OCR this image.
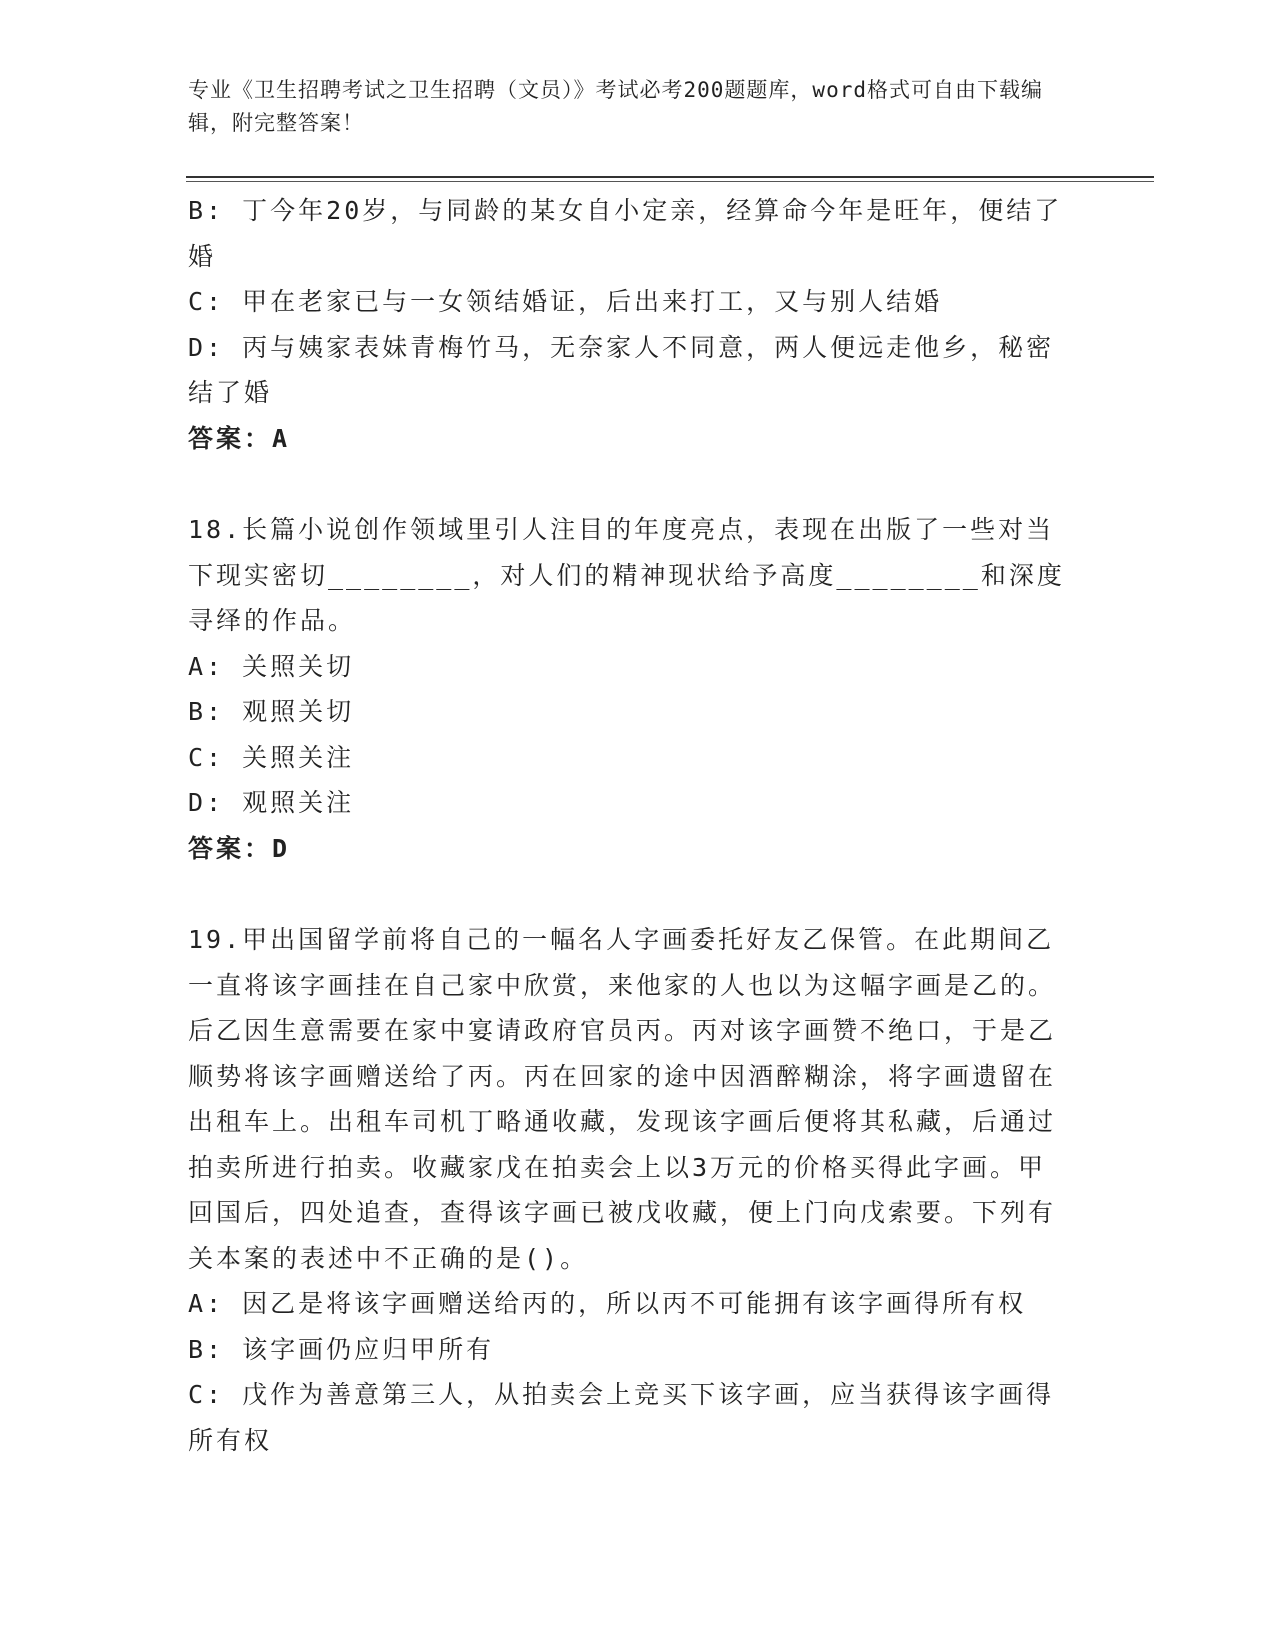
专业《卫生招聘考试之卫生招聘（文员）》考试必考200题题库，word格式可自由下载编辑，附完整答案！

B: 丁今年20岁，与同龄的某女自小定亲，经算命今年是旺年，便结了婚

C: 甲在老家已与一女领结婚证，后出来打工，又与别人结婚

D: 丙与姨家表妹青梅竹马，无奈家人不同意，两人便远走他乡，秘密结了婚

答案：A

18.长篇小说创作领域里引人注目的年度亮点，表现在出版了一些对当下现实密切________，对人们的精神现状给予高度________和深度寻绎的作品。

A: 关照关切

B: 观照关切

C: 关照关注

D: 观照关注

答案：D

19.甲出国留学前将自己的一幅名人字画委托好友乙保管。在此期间乙一直将该字画挂在自己家中欣赏，来他家的人也以为这幅字画是乙的。后乙因生意需要在家中宴请政府官员丙。丙对该字画赞不绝口，于是乙顺势将该字画赠送给了丙。丙在回家的途中因酒醉糊涂，将字画遗留在出租车上。出租车司机丁略通收藏，发现该字画后便将其私藏，后通过拍卖所进行拍卖。收藏家戊在拍卖会上以3万元的价格买得此字画。甲回国后，四处追查，查得该字画已被戊收藏，便上门向戊索要。下列有关本案的表述中不正确的是()。

A: 因乙是将该字画赠送给丙的，所以丙不可能拥有该字画得所有权

B: 该字画仍应归甲所有

C: 戊作为善意第三人，从拍卖会上竞买下该字画，应当获得该字画得所有权
